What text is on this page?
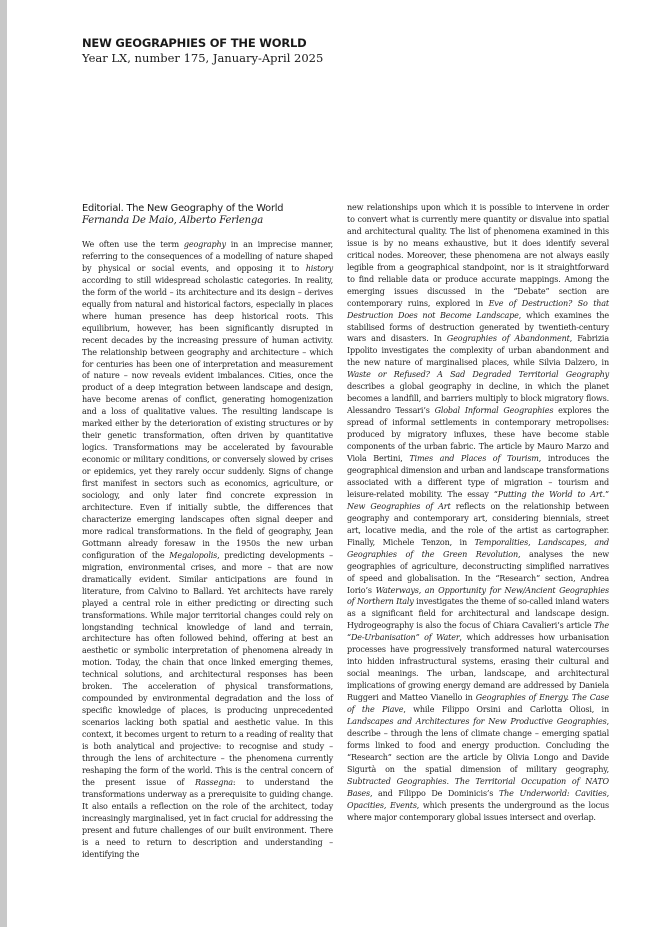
NEW GEOGRAPHIES OF THE WORLD
Year LX, number 175, January-April 2025
Editorial. The New Geography of the World
Fernanda De Maio, Alberto Ferlenga
We often use the term geography in an imprecise manner, referring to the consequences of a modelling of nature shaped by physical or social events, and opposing it to history according to still widespread scholastic categories. In reality, the form of the world – its architecture and its design – derives equally from natural and historical factors, especially in places where human presence has deep historical roots. This equilibrium, however, has been significantly disrupted in recent decades by the increasing pressure of human activity. The relationship between geography and architecture – which for centuries has been one of interpretation and measurement of nature – now reveals evident imbalances. Cities, once the product of a deep integration between landscape and design, have become arenas of conflict, generating homogenization and a loss of qualitative values. The resulting landscape is marked either by the deterioration of existing structures or by their genetic transformation, often driven by quantitative logics. Transformations may be accelerated by favourable economic or military conditions, or conversely slowed by crises or epidemics, yet they rarely occur suddenly. Signs of change first manifest in sectors such as economics, agriculture, or sociology, and only later find concrete expression in architecture. Even if initially subtle, the differences that characterize emerging landscapes often signal deeper and more radical transformations. In the field of geography, Jean Gottmann already foresaw in the 1950s the new urban configuration of the Megalopolis, predicting developments – migration, environmental crises, and more – that are now dramatically evident. Similar anticipations are found in literature, from Calvino to Ballard. Yet architects have rarely played a central role in either predicting or directing such transformations. While major territorial changes could rely on longstanding technical knowledge of land and terrain, architecture has often followed behind, offering at best an aesthetic or symbolic interpretation of phenomena already in motion. Today, the chain that once linked emerging themes, technical solutions, and architectural responses has been broken. The acceleration of physical transformations, compounded by environmental degradation and the loss of specific knowledge of places, is producing unprecedented scenarios lacking both spatial and aesthetic value. In this context, it becomes urgent to return to a reading of reality that is both analytical and projective: to recognise and study – through the lens of architecture – the phenomena currently reshaping the form of the world. This is the central concern of the present issue of Rassegna: to understand the transformations underway as a prerequisite to guiding change. It also entails a reflection on the role of the architect, today increasingly marginalised, yet in fact crucial for addressing the present and future challenges of our built environment. There is a need to return to description and understanding – identifying the
new relationships upon which it is possible to intervene in order to convert what is currently mere quantity or disvalue into spatial and architectural quality. The list of phenomena examined in this issue is by no means exhaustive, but it does identify several critical nodes. Moreover, these phenomena are not always easily legible from a geographical standpoint, nor is it straightforward to find reliable data or produce accurate mappings. Among the emerging issues discussed in the “Debate” section are contemporary ruins, explored in Eve of Destruction? So that Destruction Does not Become Landscape, which examines the stabilised forms of destruction generated by twentieth-century wars and disasters. In Geographies of Abandonment, Fabrizia Ippolito investigates the complexity of urban abandonment and the new nature of marginalised places, while Silvia Dalzero, in Waste or Refused? A Sad Degraded Territorial Geography describes a global geography in decline, in which the planet becomes a landfill, and barriers multiply to block migratory flows. Alessandro Tessari’s Global Informal Geographies explores the spread of informal settlements in contemporary metropolises: produced by migratory influxes, these have become stable components of the urban fabric. The article by Mauro Marzo and Viola Bertini, Times and Places of Tourism, introduces the geographical dimension and urban and landscape transformations associated with a different type of migration – tourism and leisure-related mobility. The essay “Putting the World to Art.” New Geographies of Art reflects on the relationship between geography and contemporary art, considering biennials, street art, locative media, and the role of the artist as cartographer. Finally, Michele Tenzon, in Temporalities, Landscapes, and Geographies of the Green Revolution, analyses the new geographies of agriculture, deconstructing simplified narratives of speed and globalisation. In the “Research” section, Andrea Iorio’s Waterways, an Opportunity for New/Ancient Geographies of Northern Italy investigates the theme of so-called inland waters as a significant field for architectural and landscape design. Hydrogeography is also the focus of Chiara Cavalieri’s article The “De-Urbanisation” of Water, which addresses how urbanisation processes have progressively transformed natural watercourses into hidden infrastructural systems, erasing their cultural and social meanings. The urban, landscape, and architectural implications of growing energy demand are addressed by Daniela Ruggeri and Matteo Vianello in Geographies of Energy. The Case of the Piave, while Filippo Orsini and Carlotta Oliosi, in Landscapes and Architectures for New Productive Geographies, describe – through the lens of climate change – emerging spatial forms linked to food and energy production. Concluding the “Research” section are the article by Olivia Longo and Davide Sigurtà on the spatial dimension of military geography, Subtracted Geographies. The Territorial Occupation of NATO Bases, and Filippo De Dominicis’s The Underworld: Cavities, Opacities, Events, which presents the underground as the locus where major contemporary global issues intersect and overlap.
